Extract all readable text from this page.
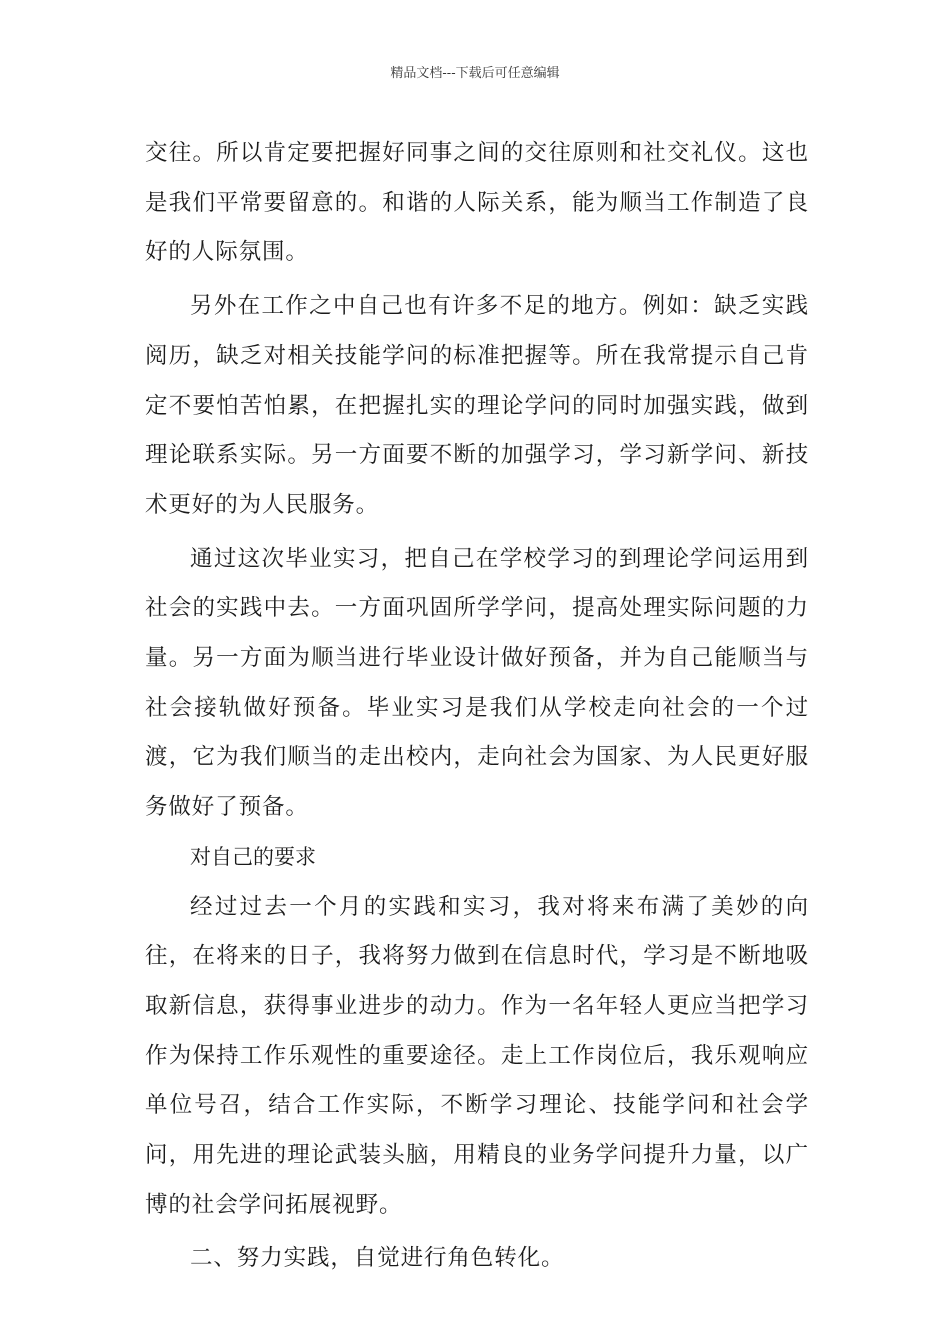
精品文档---下载后可任意编辑

交往。所以肯定要把握好同事之间的交往原则和社交礼仪。这也是我们平常要留意的。和谐的人际关系，能为顺当工作制造了良好的人际氛围。

另外在工作之中自己也有许多不足的地方。例如：缺乏实践阅历，缺乏对相关技能学问的标准把握等。所在我常提示自己肯定不要怕苦怕累，在把握扎实的理论学问的同时加强实践，做到理论联系实际。另一方面要不断的加强学习，学习新学问、新技术更好的为人民服务。

通过这次毕业实习，把自己在学校学习的到理论学问运用到社会的实践中去。一方面巩固所学学问，提高处理实际问题的力量。另一方面为顺当进行毕业设计做好预备，并为自己能顺当与社会接轨做好预备。毕业实习是我们从学校走向社会的一个过渡，它为我们顺当的走出校内，走向社会为国家、为人民更好服务做好了预备。

对自己的要求

经过过去一个月的实践和实习，我对将来布满了美妙的向往，在将来的日子，我将努力做到在信息时代，学习是不断地吸取新信息，获得事业进步的动力。作为一名年轻人更应当把学习作为保持工作乐观性的重要途径。走上工作岗位后，我乐观响应单位号召，结合工作实际，不断学习理论、技能学问和社会学问，用先进的理论武装头脑，用精良的业务学问提升力量，以广博的社会学问拓展视野。

二、努力实践，自觉进行角色转化。
